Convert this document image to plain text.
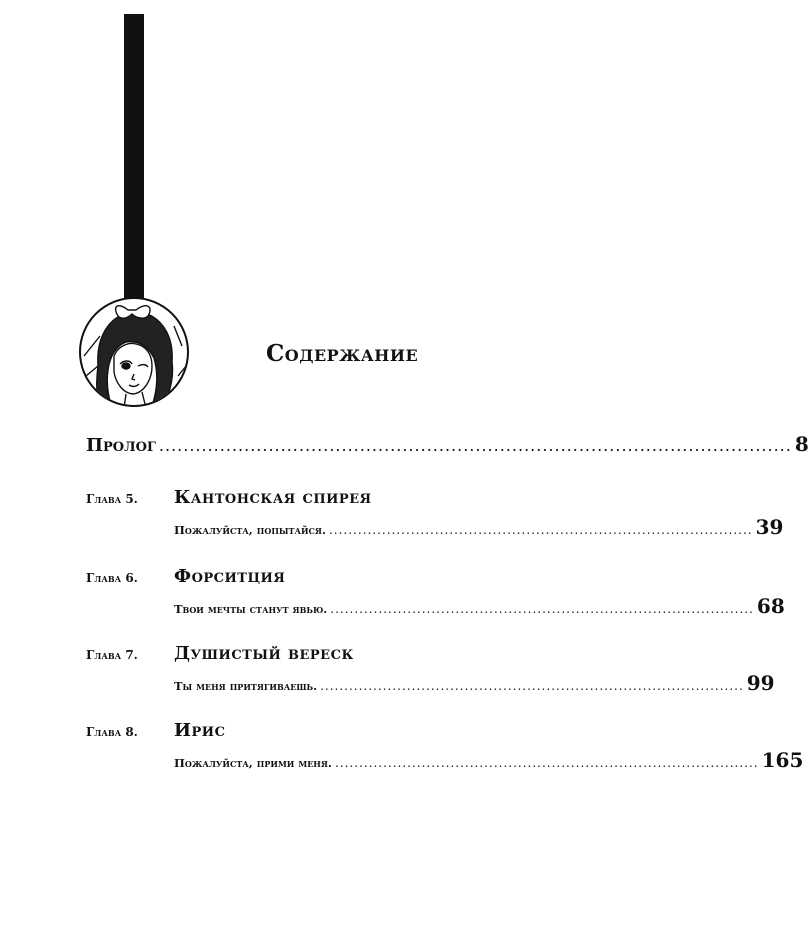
Содержание
Пролог ........................................................................................................ 8
Глава 5. Кантонская спирея
Пожалуйста, попытайся. ........................................................................................ 39
Глава 6. Форситция
Твои мечты станут явью. ........................................................................................ 68
Глава 7. Душистый вереск
Ты меня притягиваешь. ........................................................................................ 99
Глава 8. Ирис
Пожалуйста, прими меня. ........................................................................................ 165
